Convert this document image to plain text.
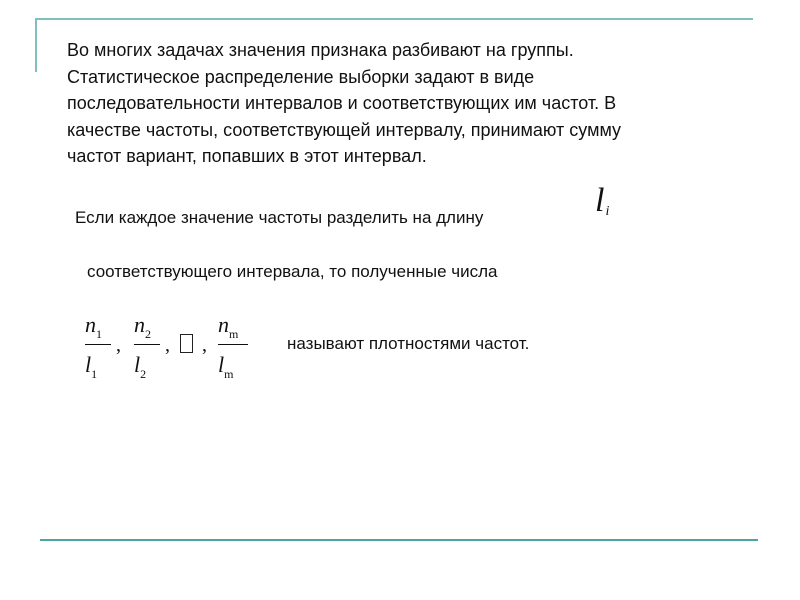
Во многих задачах значения признака разбивают на группы.
Статистическое распределение выборки задают в виде
последовательности интервалов и соответствующих им частот. В
качестве частоты, соответствующей интервалу, принимают сумму
частот вариант, попавших в этот интервал.

Если каждое значение частоты разделить на длину	li
соответствующего интервала, то полученные числа
$n_1$
$l_1$
,
$n_2$
$l_2$
, ,
$n_m$
$l_m$
называют плотностями частот.
